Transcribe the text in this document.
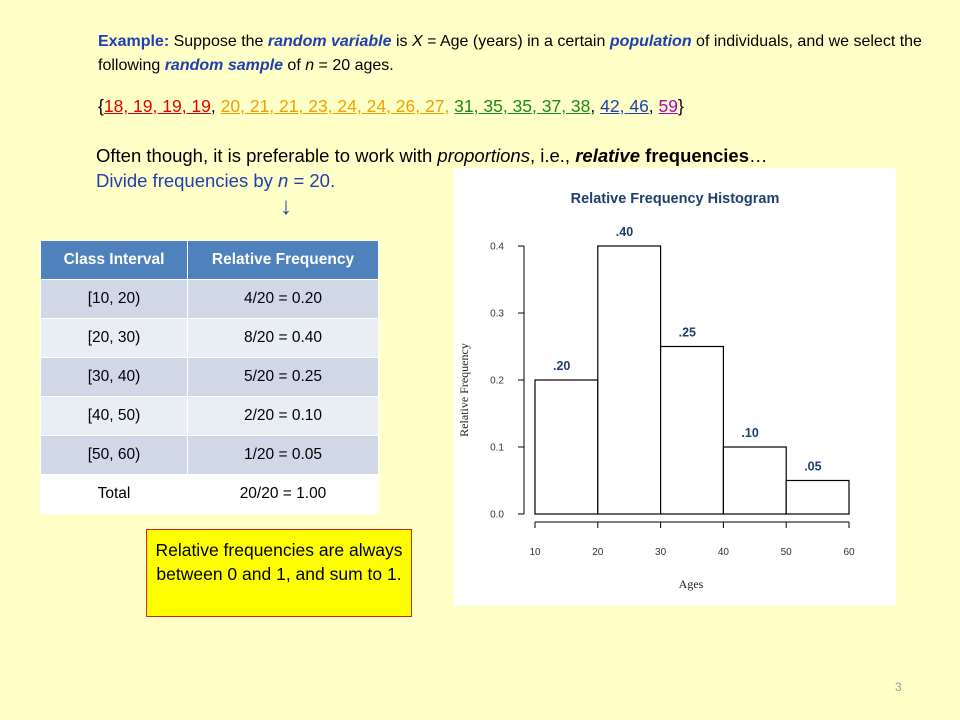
Example: Suppose the random variable is X = Age (years) in a certain population of individuals, and we select the following random sample of n = 20 ages.
{18, 19, 19, 19, 20, 21, 21, 23, 24, 24, 26, 27, 31, 35, 35, 37, 38, 42, 46, 59}
Often though, it is preferable to work with proportions, i.e., relative frequencies…
Divide frequencies by n = 20.
↓
Class Interval	Relative Frequency
[10, 20)	4/20 = 0.20
[20, 30)	8/20 = 0.40
[30, 40)	5/20 = 0.25
[40, 50)	2/20 = 0.10
[50, 60)	1/20 = 0.05
Total	20/20 = 1.00
Relative frequencies are always between 0 and 1, and sum to 1.
Relative Frequency Histogram
0.0
0.1
0.2
0.3
0.4
Relative Frequency
10	20	30	40	50	60
Ages
.20
.40
.25
.10
.05
3
